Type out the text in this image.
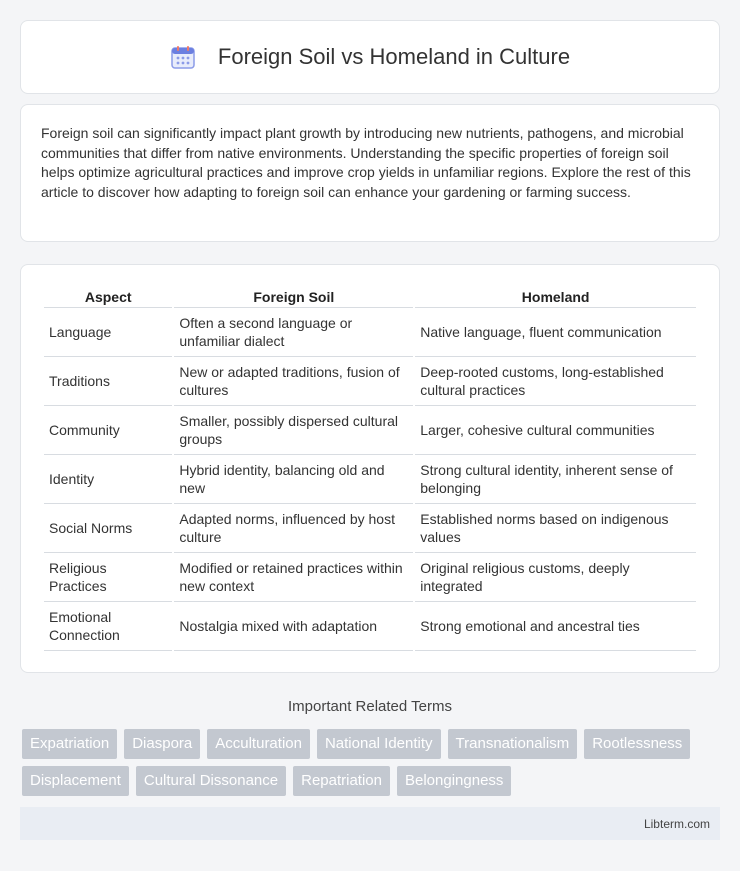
Foreign Soil vs Homeland in Culture

Foreign soil can significantly impact plant growth by introducing new nutrients, pathogens, and microbial communities that differ from native environments. Understanding the specific properties of foreign soil helps optimize agricultural practices and improve crop yields in unfamiliar regions. Explore the rest of this article to discover how adapting to foreign soil can enhance your gardening or farming success.

Aspect	Foreign Soil	Homeland
Language	Often a second language or unfamiliar dialect	Native language, fluent communication
Traditions	New or adapted traditions, fusion of cultures	Deep-rooted customs, long-established cultural practices
Community	Smaller, possibly dispersed cultural groups	Larger, cohesive cultural communities
Identity	Hybrid identity, balancing old and new	Strong cultural identity, inherent sense of belonging
Social Norms	Adapted norms, influenced by host culture	Established norms based on indigenous values
Religious Practices	Modified or retained practices within new context	Original religious customs, deeply integrated
Emotional Connection	Nostalgia mixed with adaptation	Strong emotional and ancestral ties
Important Related Terms
Expatriation	Diaspora	Acculturation	National Identity	Transnationalism	Rootlessness
Displacement	Cultural Dissonance	Repatriation	Belongingness
Libterm.com
